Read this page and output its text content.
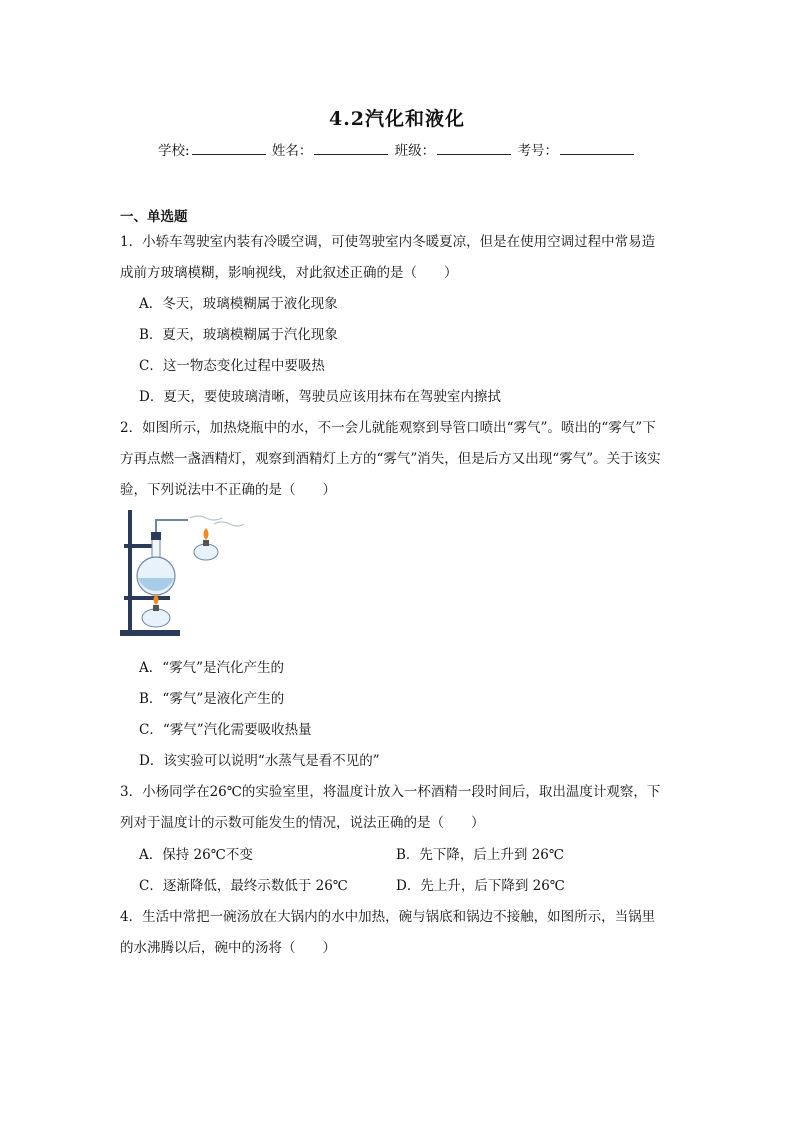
4.2汽化和液化
学校:	姓名：	班级：	考号：
一、单选题
1．小轿车驾驶室内装有冷暖空调，可使驾驶室内冬暖夏凉，但是在使用空调过程中常易造
成前方玻璃模糊，影响视线，对此叙述正确的是（　　）
A．冬天，玻璃模糊属于液化现象
B．夏天，玻璃模糊属于汽化现象
C．这一物态变化过程中要吸热
D．夏天，要使玻璃清晰，驾驶员应该用抹布在驾驶室内擦拭
2．如图所示，加热烧瓶中的水，不一会儿就能观察到导管口喷出“雾气”。喷出的“雾气”下
方再点燃一盏酒精灯，观察到酒精灯上方的“雾气”消失，但是后方又出现“雾气”。关于该实
验，下列说法中不正确的是（　　）
A．“雾气”是汽化产生的
B．“雾气”是液化产生的
C．“雾气”汽化需要吸收热量
D．该实验可以说明“水蒸气是看不见的”
3．小杨同学在26℃的实验室里，将温度计放入一杯酒精一段时间后，取出温度计观察，下
列对于温度计的示数可能发生的情况，说法正确的是（　　）
A．保持 26℃不变	B．先下降，后上升到 26℃
C．逐渐降低，最终示数低于 26℃	D．先上升，后下降到 26℃
4．生活中常把一碗汤放在大锅内的水中加热，碗与锅底和锅边不接触，如图所示，当锅里
的水沸腾以后，碗中的汤将（　　）
